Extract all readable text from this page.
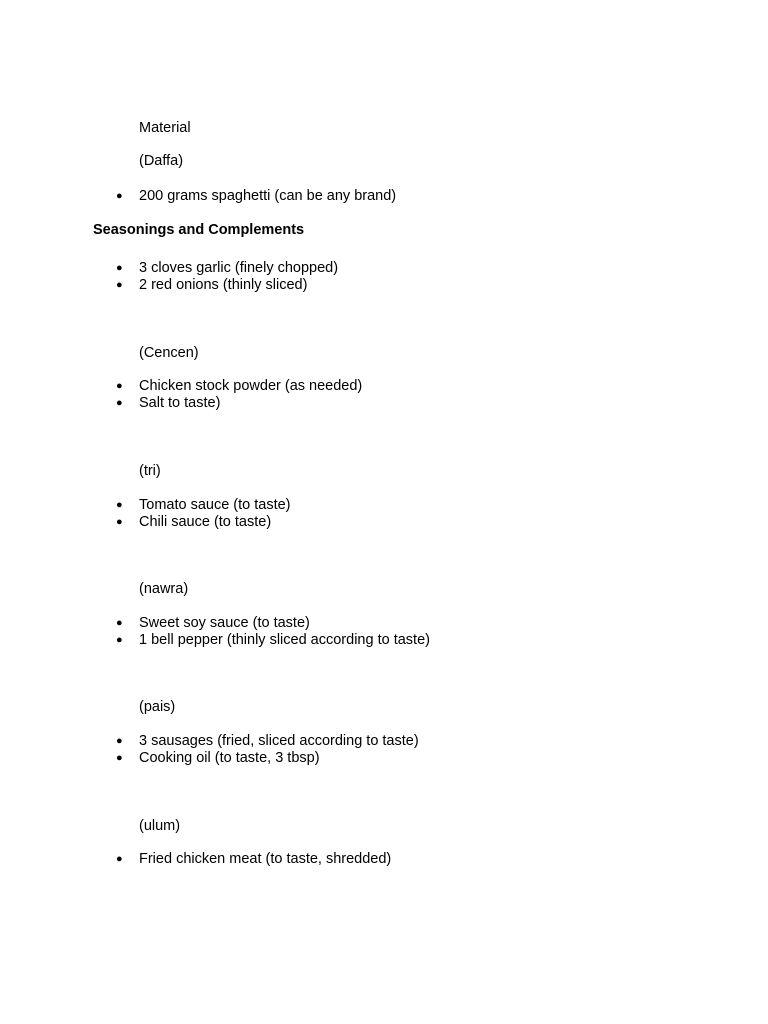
Material

(Daffa)

● 200 grams spaghetti (can be any brand)

Seasonings and Complements

● 3 cloves garlic (finely chopped)
● 2 red onions (thinly sliced)

(Cencen)

● Chicken stock powder (as needed)
● Salt to taste)

(tri)

● Tomato sauce (to taste)
● Chili sauce (to taste)

(nawra)

● Sweet soy sauce (to taste)
● 1 bell pepper (thinly sliced according to taste)

(pais)

● 3 sausages (fried, sliced according to taste)
● Cooking oil (to taste, 3 tbsp)

(ulum)

● Fried chicken meat (to taste, shredded)
